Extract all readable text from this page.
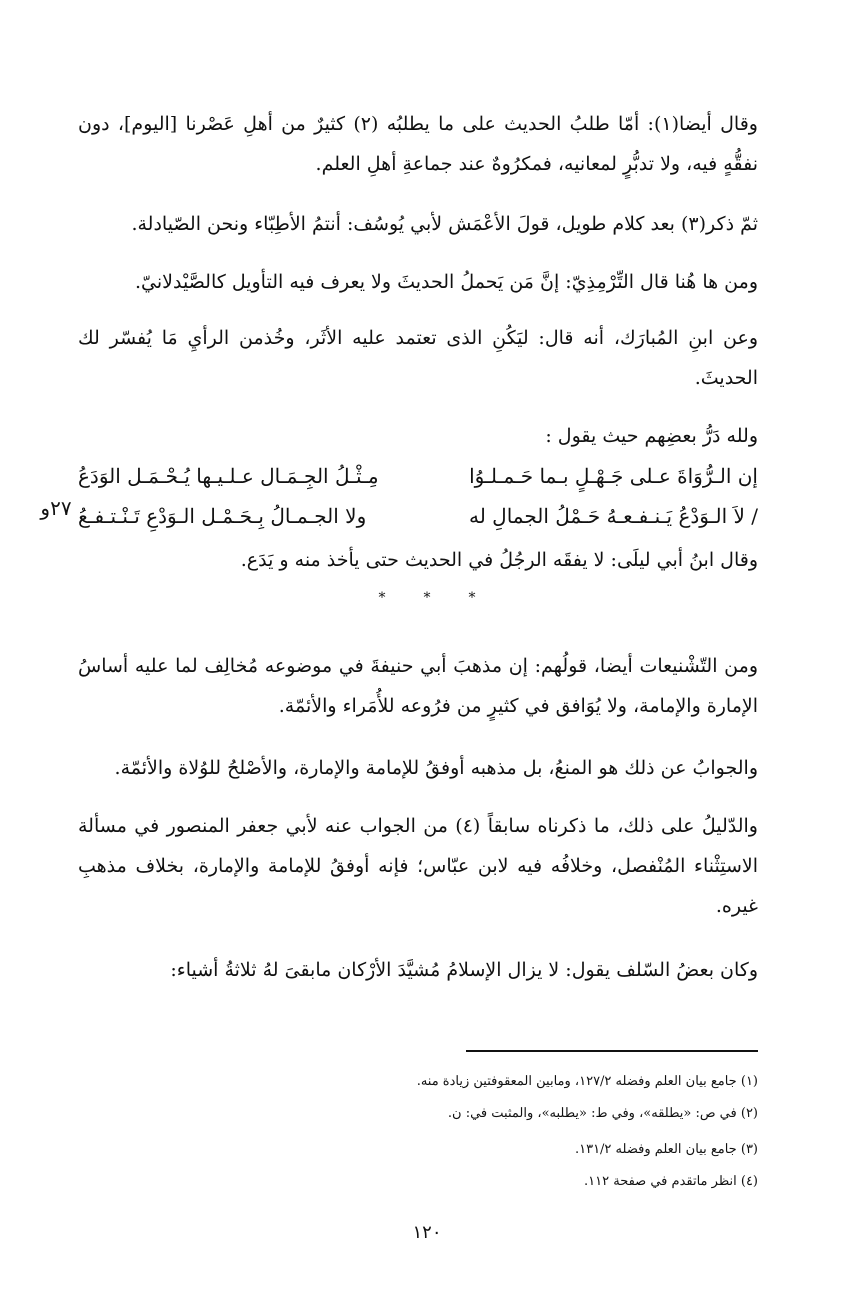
وقال أيضا(١): أمّا طلبُ الحديث على ما يطلبُه (٢) كثيرٌ من أهلِ عَصْرنا [اليوم]، دون نفقُّهٍ فيه، ولا تدبُّرٍ لمعانيه، فمكرُوهٌ عند جماعةِ أهلِ العلم.

ثمّ ذكر(٣) بعد كلام طويل، قولَ الأعْمَش لأبي يُوسُف: أنتمُ الأطِبّاء ونحن الصّيادلة.

ومن ها هُنا قال التِّرْمِذِيّ: إنَّ مَن يَحملُ الحديثَ ولا يعرف فيه التأويل كالصَّيْدلانيّ.

وعن ابنِ المُبارَك، أنه قال: ليَكُنِ الذى تعتمد عليه الأثَر، وخُذمن الرأيِ مَا يُفسّر لك الحديثَ.

ولله دَرُّ بعضِهم حيث يقول :
إن الـرُّوَاةَ عـلى جَـهْـلٍ بـما حَـمـلـوُا
مِـثْـلُ الجِـمَـال عـلـيـها يُـحْـمَـل الوَدَعُ
/ لاَ الـوَدْعُ يَـنـفـعـهُ حَـمْلُ الجمالِ له
ولا الجـمـالُ بِـحَـمْـل الـوَدْعِ تَـنْـتـفـعُ
٢٧و

وقال ابنُ أبي ليلَى: لا يفقَه الرجُلُ في الحديث حتى يأخذ منه و يَدَع.

*	*	*

ومن التّشْنيعات أيضا، قولُهم: إن مذهبَ أبي حنيفةَ في موضوعه مُخالِف لما عليه أساسُ الإمارة والإمامة، ولا يُوَافق في كثيرٍ من فرُوعه للأُمَراء والأئمّة.

والجوابُ عن ذلك هو المنعُ، بل مذهبه أوفقُ للإمامة والإمارة، والأصْلحُ للوُلاة والأئمّة.

والدّليلُ على ذلك، ما ذكرناه سابقاً (٤) من الجواب عنه لأبي جعفر المنصور في مسألة الاستِثْناء المُنْفصل، وخلافُه فيه لابن عبّاس؛ فإنه أوفقُ للإمامة والإمارة، بخلاف مذهبِ غيره.

وكان بعضُ السّلف يقول: لا يزال الإسلامُ مُشيَّدَ الأرْكان مابقىَ لهُ ثلاثةُ أشياء:

(١) جامع بيان العلم وفضله ١٢٧/٢، ومابين المعقوفتين زيادة منه.
(٢) في ص: «يطلقه»، وفي ط: «يطلبه»، والمثبت في: ن.
(٣) جامع بيان العلم وفضله ١٣١/٢.
(٤) انظر ماتقدم في صفحة ١١٢.
١٢٠
